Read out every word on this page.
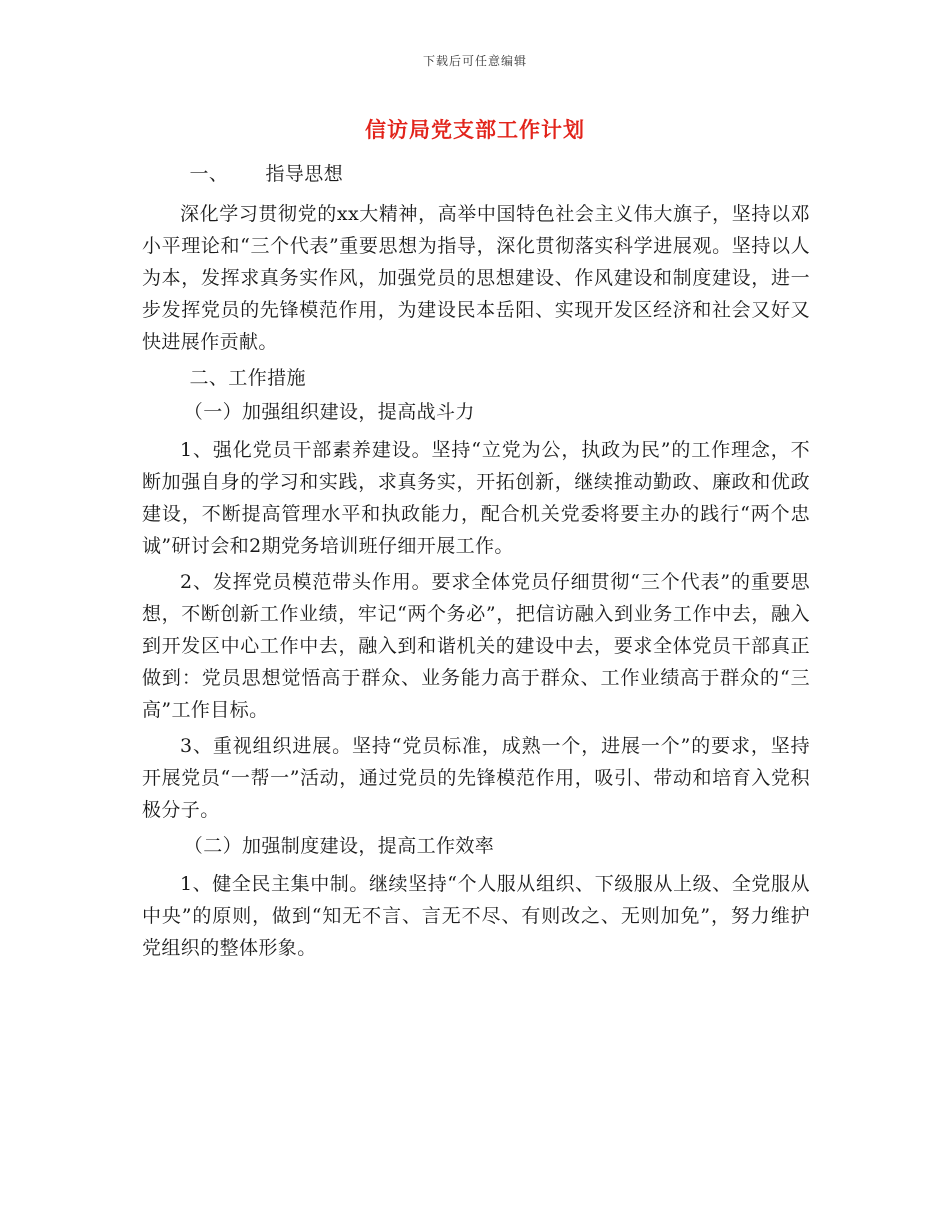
下载后可任意编辑
信访局党支部工作计划

一、 指导思想

深化学习贯彻党的xx大精神，高举中国特色社会主义伟大旗子，坚持以邓小平理论和“三个代表”重要思想为指导，深化贯彻落实科学进展观。坚持以人为本，发挥求真务实作风，加强党员的思想建设、作风建设和制度建设，进一步发挥党员的先锋模范作用，为建设民本岳阳、实现开发区经济和社会又好又快进展作贡献。

二、工作措施

（一）加强组织建设，提高战斗力

1、强化党员干部素养建设。坚持“立党为公，执政为民”的工作理念，不断加强自身的学习和实践，求真务实，开拓创新，继续推动勤政、廉政和优政建设，不断提高管理水平和执政能力，配合机关党委将要主办的践行“两个忠诚”研讨会和2期党务培训班仔细开展工作。

2、发挥党员模范带头作用。要求全体党员仔细贯彻“三个代表”的重要思想，不断创新工作业绩，牢记“两个务必”，把信访融入到业务工作中去，融入到开发区中心工作中去，融入到和谐机关的建设中去，要求全体党员干部真正做到：党员思想觉悟高于群众、业务能力高于群众、工作业绩高于群众的“三高”工作目标。

3、重视组织进展。坚持“党员标准，成熟一个，进展一个”的要求，坚持开展党员“一帮一”活动，通过党员的先锋模范作用，吸引、带动和培育入党积极分子。

（二）加强制度建设，提高工作效率

1、健全民主集中制。继续坚持“个人服从组织、下级服从上级、全党服从中央”的原则，做到“知无不言、言无不尽、有则改之、无则加免”，努力维护党组织的整体形象。
